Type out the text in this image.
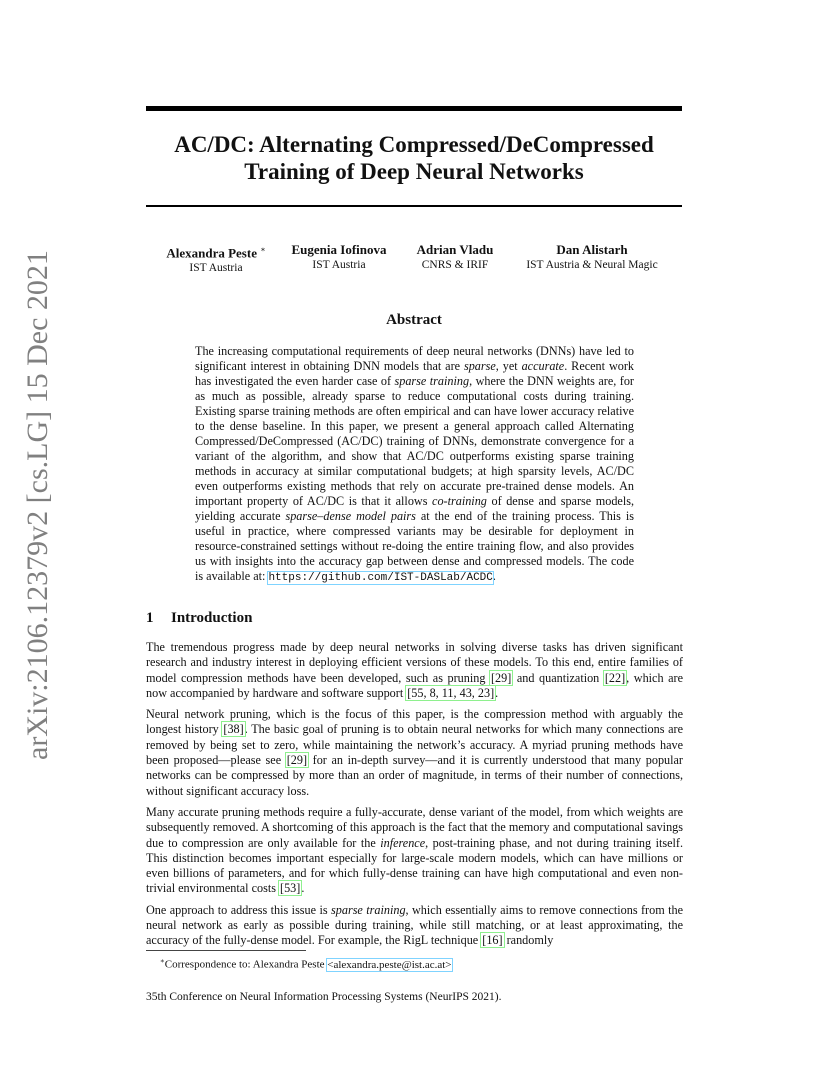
arXiv:2106.12379v2 [cs.LG] 15 Dec 2021
AC/DC: Alternating Compressed/DeCompressed
Training of Deep Neural Networks
Alexandra Peste ∗
IST Austria
Eugenia Iofinova
IST Austria
Adrian Vladu
CNRS & IRIF
Dan Alistarh
IST Austria & Neural Magic
Abstract

The increasing computational requirements of deep neural networks (DNNs) have led to significant interest in obtaining DNN models that are sparse, yet accurate. Recent work has investigated the even harder case of sparse training, where the DNN weights are, for as much as possible, already sparse to reduce computational costs during training. Existing sparse training methods are often empirical and can have lower accuracy relative to the dense baseline. In this paper, we present a general approach called Alternating Compressed/DeCompressed (AC/DC) training of DNNs, demonstrate convergence for a variant of the algorithm, and show that AC/DC outperforms existing sparse training methods in accuracy at similar computational budgets; at high sparsity levels, AC/DC even outperforms existing methods that rely on accurate pre-trained dense models. An important property of AC/DC is that it allows co-training of dense and sparse models, yielding accurate sparse–dense model pairs at the end of the training process. This is useful in practice, where compressed variants may be desirable for deployment in resource-constrained settings without re-doing the entire training flow, and also provides us with insights into the accuracy gap between dense and compressed models. The code is available at: https://github.com/IST-DASLab/ACDC.

1 Introduction

The tremendous progress made by deep neural networks in solving diverse tasks has driven significant research and industry interest in deploying efficient versions of these models. To this end, entire families of model compression methods have been developed, such as pruning [29] and quantization [22], which are now accompanied by hardware and software support [55, 8, 11, 43, 23].

Neural network pruning, which is the focus of this paper, is the compression method with arguably the longest history [38]. The basic goal of pruning is to obtain neural networks for which many connections are removed by being set to zero, while maintaining the network’s accuracy. A myriad pruning methods have been proposed—please see [29] for an in-depth survey—and it is currently understood that many popular networks can be compressed by more than an order of magnitude, in terms of their number of connections, without significant accuracy loss.

Many accurate pruning methods require a fully-accurate, dense variant of the model, from which weights are subsequently removed. A shortcoming of this approach is the fact that the memory and computational savings due to compression are only available for the inference, post-training phase, and not during training itself. This distinction becomes important especially for large-scale modern models, which can have millions or even billions of parameters, and for which fully-dense training can have high computational and even non-trivial environmental costs [53].

One approach to address this issue is sparse training, which essentially aims to remove connections from the neural network as early as possible during training, while still matching, or at least approximating, the accuracy of the fully-dense model. For example, the RigL technique [16] randomly

∗Correspondence to: Alexandra Peste <alexandra.peste@ist.ac.at>
35th Conference on Neural Information Processing Systems (NeurIPS 2021).
